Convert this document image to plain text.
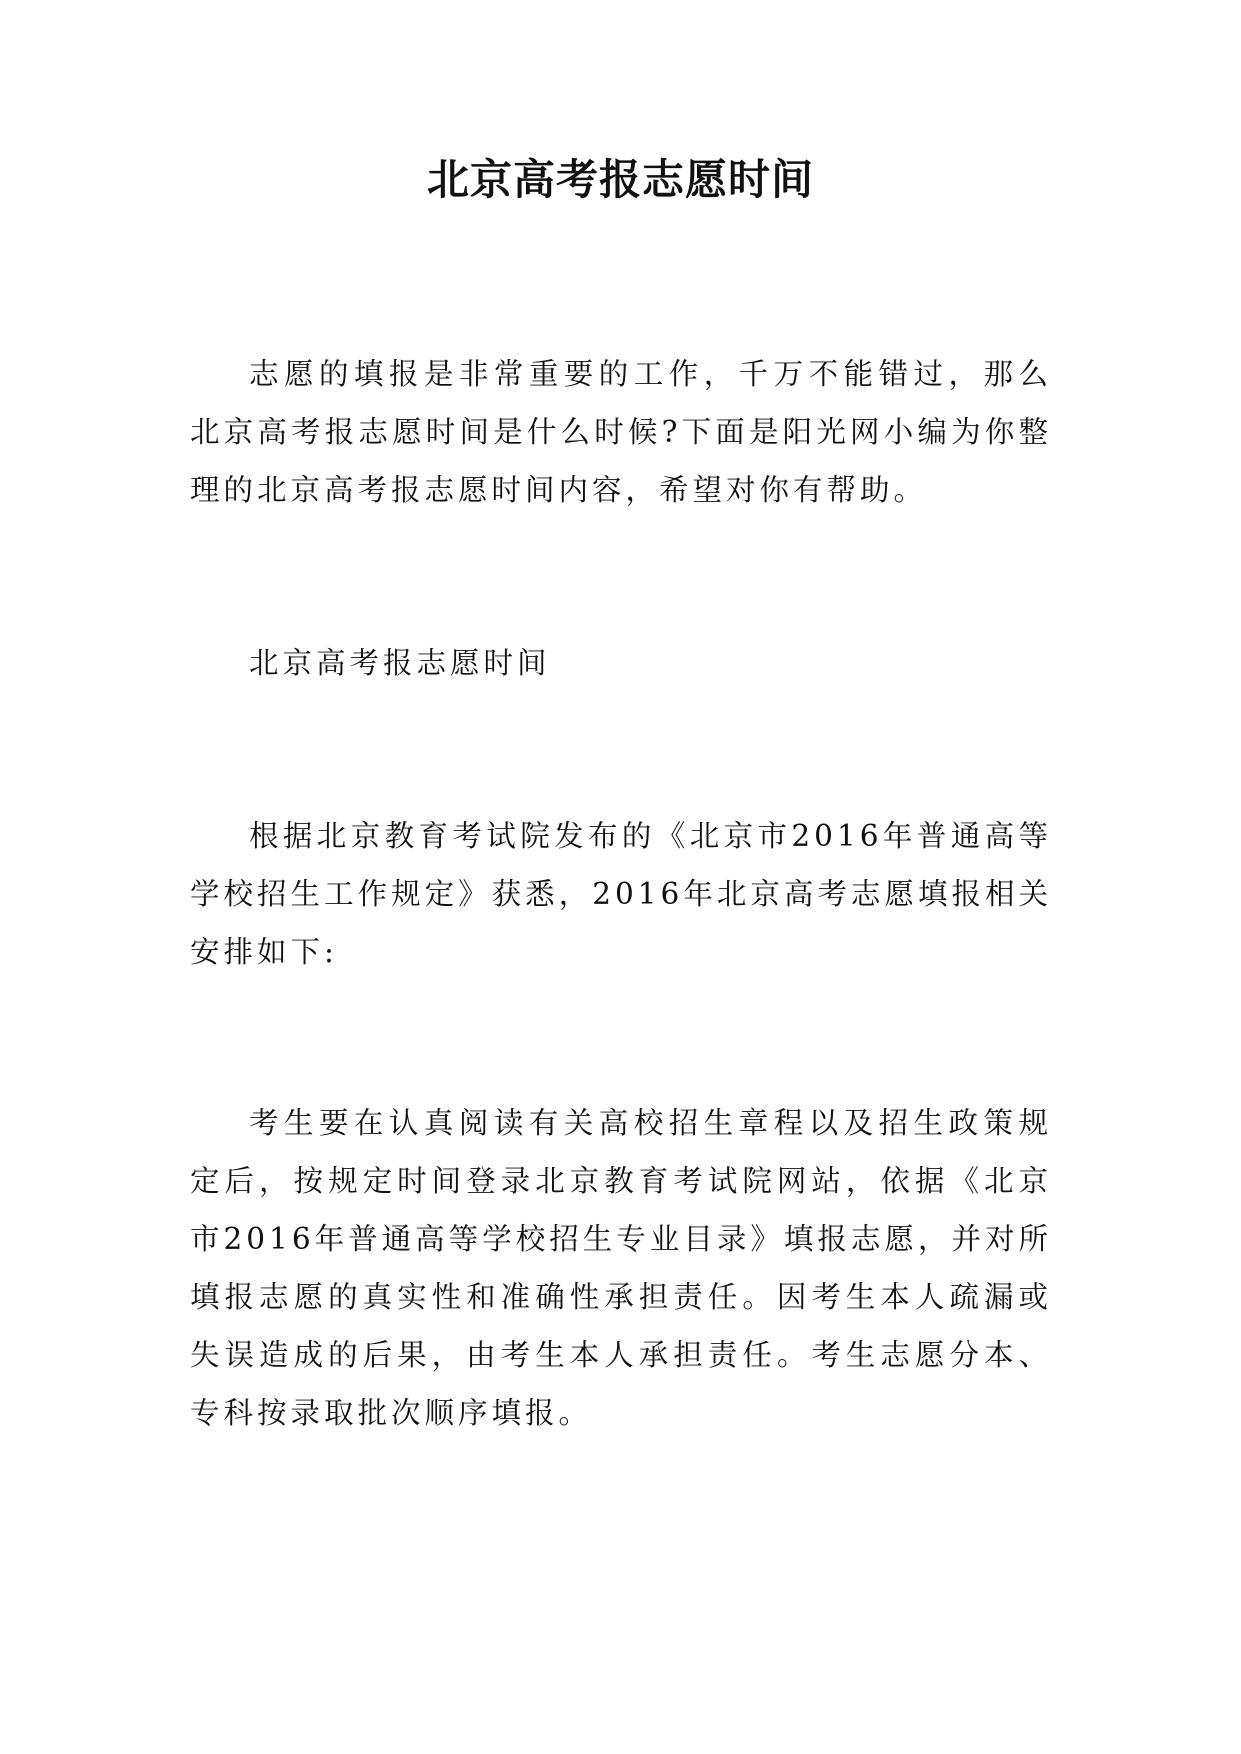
北京高考报志愿时间
志愿的填报是非常重要的工作，千万不能错过，那么北京高考报志愿时间是什么时候?下面是阳光网小编为你整理的北京高考报志愿时间内容，希望对你有帮助。
北京高考报志愿时间
根据北京教育考试院发布的《北京市2016年普通高等学校招生工作规定》获悉，2016年北京高考志愿填报相关安排如下:
考生要在认真阅读有关高校招生章程以及招生政策规定后，按规定时间登录北京教育考试院网站，依据《北京市2016年普通高等学校招生专业目录》填报志愿，并对所填报志愿的真实性和准确性承担责任。因考生本人疏漏或失误造成的后果，由考生本人承担责任。考生志愿分本、专科按录取批次顺序填报。
